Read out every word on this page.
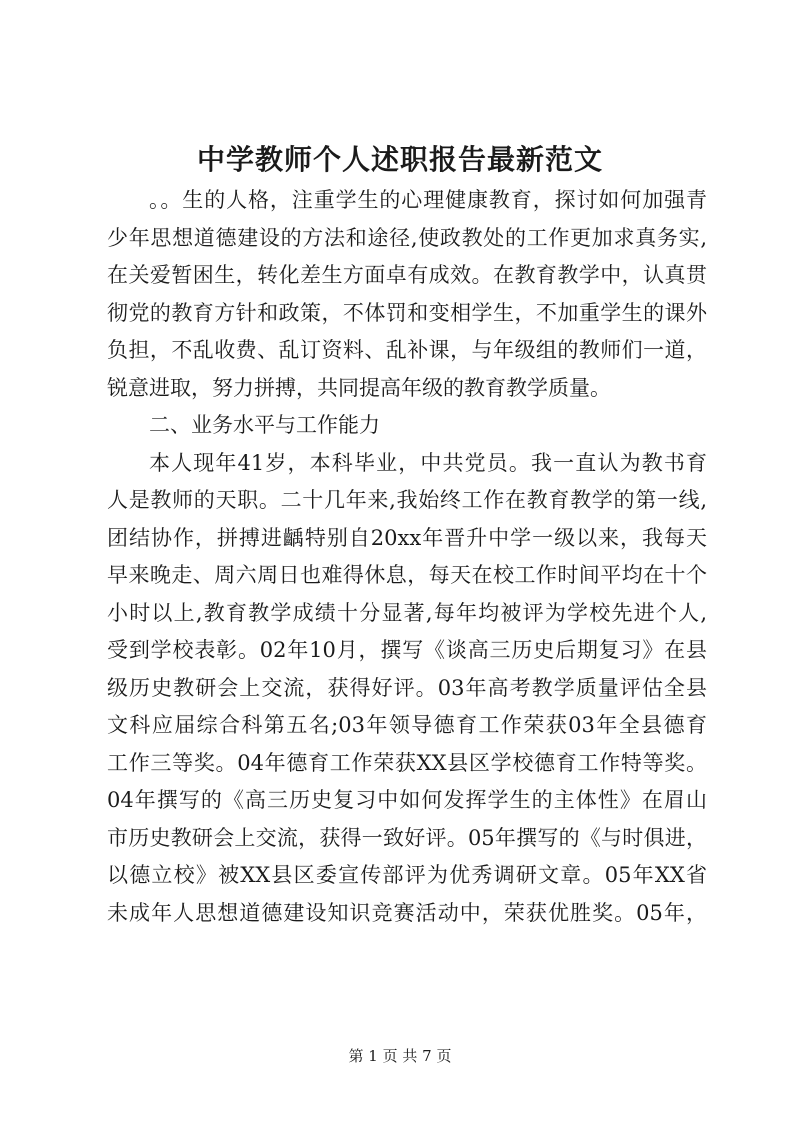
中学教师个人述职报告最新范文
。。生的人格，注重学生的心理健康教育，探讨如何加强青
少年思想道德建设的方法和途径,使政教处的工作更加求真务实,
在关爱暂困生，转化差生方面卓有成效。在教育教学中，认真贯
彻党的教育方针和政策，不体罚和变相学生，不加重学生的课外
负担，不乱收费、乱订资料、乱补课，与年级组的教师们一道，
锐意进取，努力拼搏，共同提高年级的教育教学质量。
二、业务水平与工作能力
本人现年41岁，本科毕业，中共党员。我一直认为教书育
人是教师的天职。二十几年来,我始终工作在教育教学的第一线,
团结协作，拼搏进齲特别自20xx年晋升中学一级以来，我每天
早来晚走、周六周日也难得休息，每天在校工作时间平均在十个
小时以上,教育教学成绩十分显著,每年均被评为学校先进个人,
受到学校表彰。02年10月，撰写《谈高三历史后期复习》在县
级历史教研会上交流，获得好评。03年高考教学质量评估全县
文科应届综合科第五名;03年领导德育工作荣获03年全县德育
工作三等奖。04年德育工作荣获XX县区学校德育工作特等奖。
04年撰写的《高三历史复习中如何发挥学生的主体性》在眉山
市历史教研会上交流，获得一致好评。05年撰写的《与时俱进，
以德立校》被XX县区委宣传部评为优秀调研文章。05年XX省
未成年人思想道德建设知识竞赛活动中，荣获优胜奖。05年，
第 1 页 共 7 页
